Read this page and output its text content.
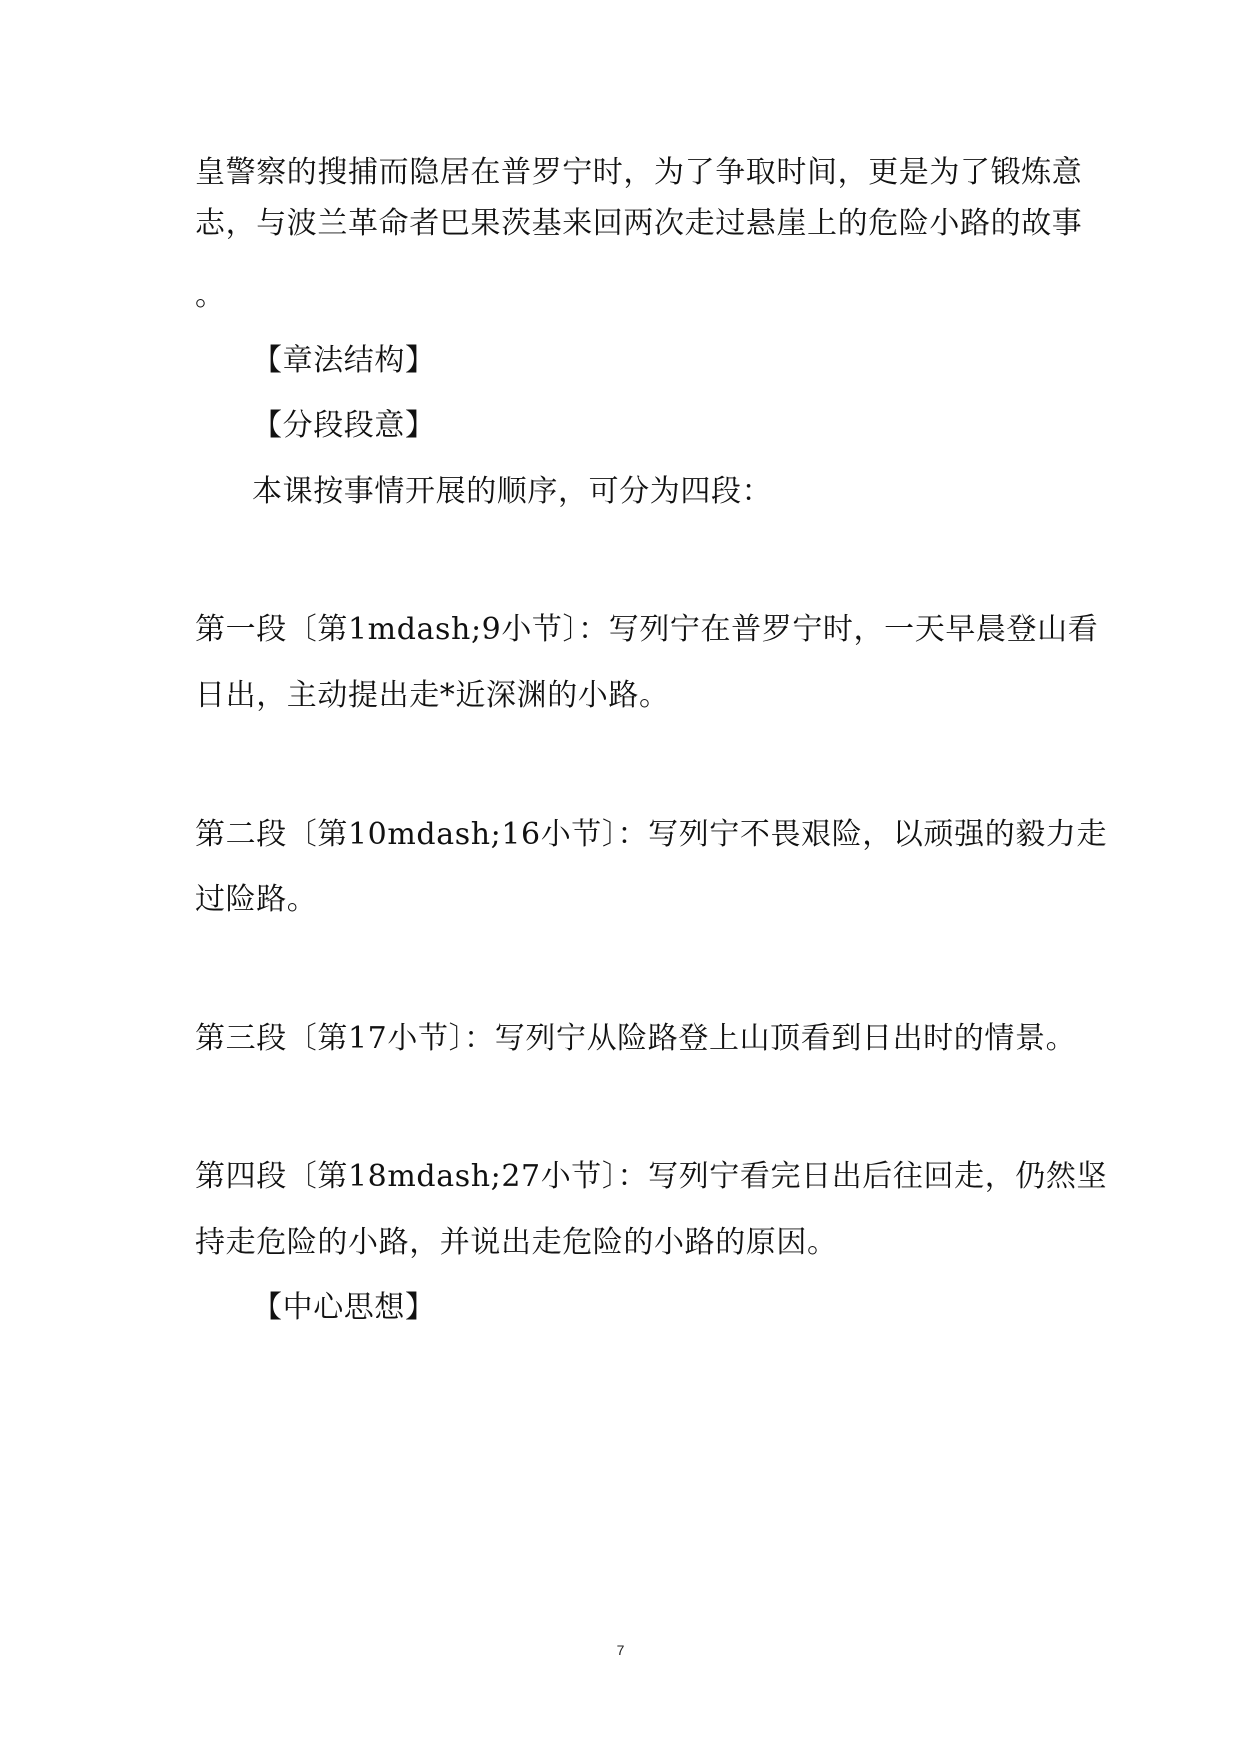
皇警察的搜捕而隐居在普罗宁时，为了争取时间，更是为了锻炼意
志，与波兰革命者巴果茨基来回两次走过悬崖上的危险小路的故事
。
【章法结构】
【分段段意】
本课按事情开展的顺序，可分为四段：
第一段〔第1mdash;9小节〕：写列宁在普罗宁时，一天早晨登山看
日出，主动提出走*近深渊的小路。
第二段〔第10mdash;16小节〕：写列宁不畏艰险，以顽强的毅力走
过险路。
第三段〔第17小节〕：写列宁从险路登上山顶看到日出时的情景。
第四段〔第18mdash;27小节〕：写列宁看完日出后往回走，仍然坚
持走危险的小路，并说出走危险的小路的原因。
【中心思想】
7
